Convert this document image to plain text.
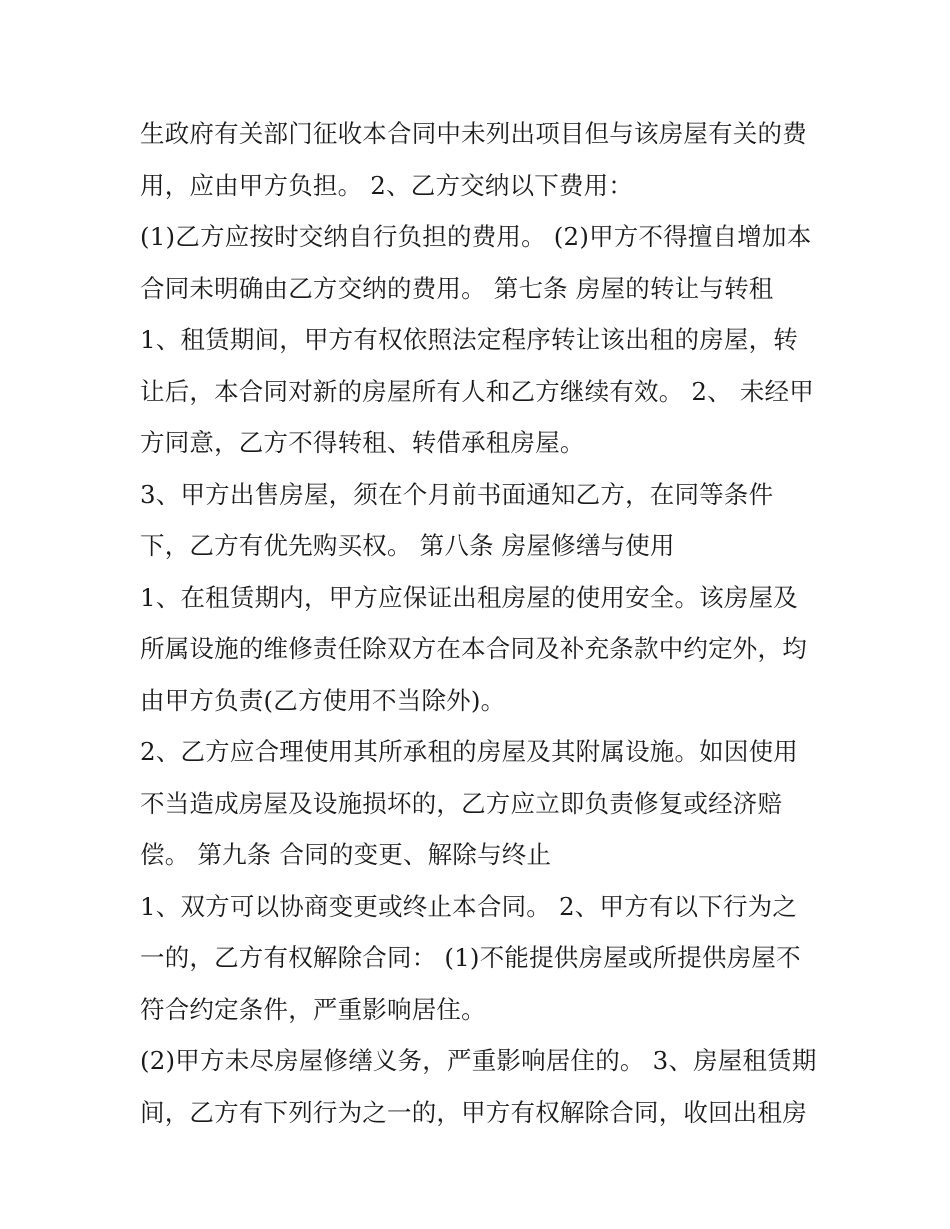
生政府有关部门征收本合同中未列出项目但与该房屋有关的费
用，应由甲方负担。 2、乙方交纳以下费用：
(1)乙方应按时交纳自行负担的费用。 (2)甲方不得擅自增加本
合同未明确由乙方交纳的费用。 第七条 房屋的转让与转租
1、租赁期间，甲方有权依照法定程序转让该出租的房屋，转
让后，本合同对新的房屋所有人和乙方继续有效。 2、 未经甲
方同意，乙方不得转租、转借承租房屋。
3、甲方出售房屋，须在个月前书面通知乙方，在同等条件
下，乙方有优先购买权。 第八条 房屋修缮与使用
1、在租赁期内，甲方应保证出租房屋的使用安全。该房屋及
所属设施的维修责任除双方在本合同及补充条款中约定外，均
由甲方负责(乙方使用不当除外)。
2、乙方应合理使用其所承租的房屋及其附属设施。如因使用
不当造成房屋及设施损坏的，乙方应立即负责修复或经济赔
偿。 第九条 合同的变更、解除与终止
1、双方可以协商变更或终止本合同。 2、甲方有以下行为之
一的，乙方有权解除合同： (1)不能提供房屋或所提供房屋不
符合约定条件，严重影响居住。
(2)甲方未尽房屋修缮义务，严重影响居住的。 3、房屋租赁期
间，乙方有下列行为之一的，甲方有权解除合同，收回出租房
